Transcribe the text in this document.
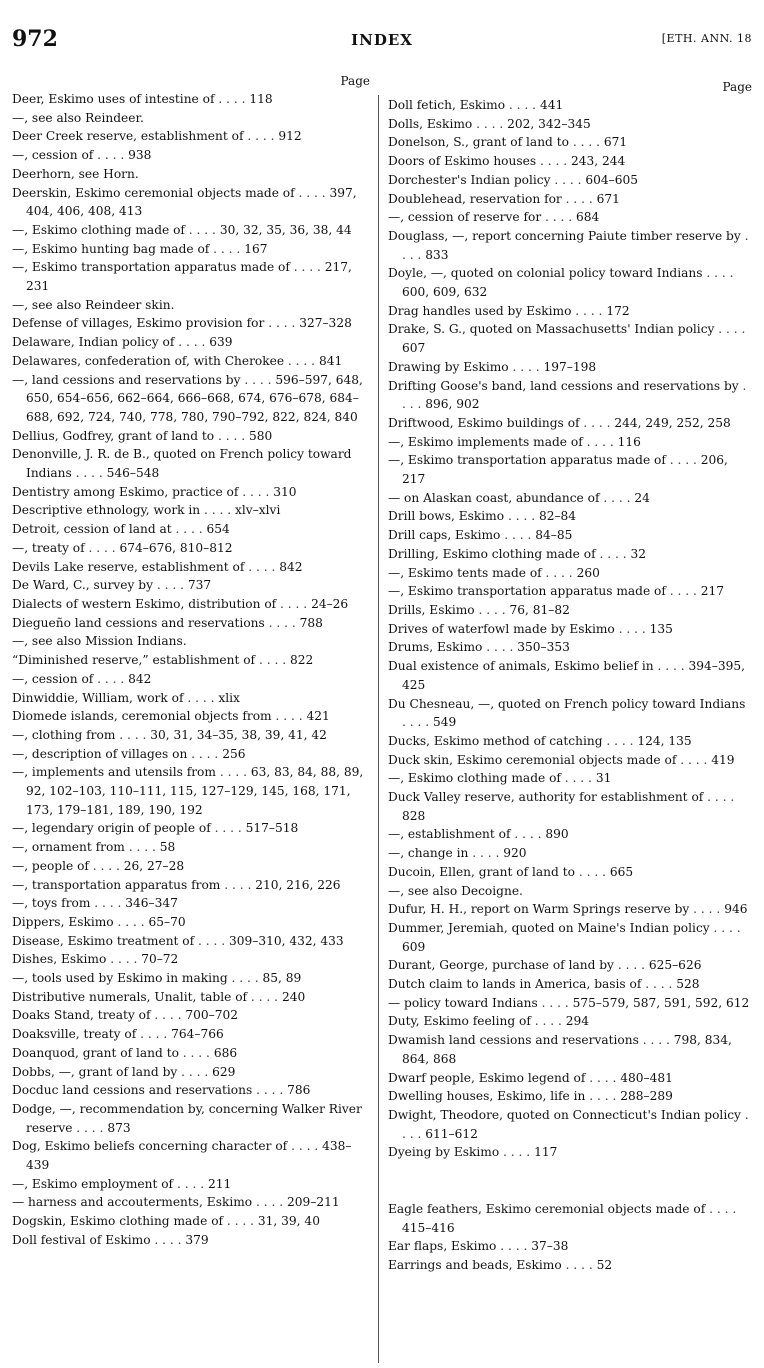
972	INDEX	[ETH. ANN. 18
Page
Deer, Eskimo uses of intestine of . . . . 118
—, see also Reindeer.
Deer Creek reserve, establishment of . . . . 912
—, cession of . . . . 938
Deerhorn, see Horn.
Deerskin, Eskimo ceremonial objects made of . . . . 397, 404, 406, 408, 413
—, Eskimo clothing made of . . . . 30, 32, 35, 36, 38, 44
—, Eskimo hunting bag made of . . . . 167
—, Eskimo transportation apparatus made of . . . . 217, 231
—, see also Reindeer skin.
Defense of villages, Eskimo provision for . . . . 327–328
Delaware, Indian policy of . . . . 639
Delawares, confederation of, with Cherokee . . . . 841
—, land cessions and reservations by . . . . 596–597, 648, 650, 654–656, 662–664, 666–668, 674, 676–678, 684–688, 692, 724, 740, 778, 780, 790–792, 822, 824, 840
Dellius, Godfrey, grant of land to . . . . 580
Denonville, J. R. de B., quoted on French policy toward Indians . . . . 546–548
Dentistry among Eskimo, practice of . . . . 310
Descriptive ethnology, work in . . . . xlv–xlvi
Detroit, cession of land at . . . . 654
—, treaty of . . . . 674–676, 810–812
Devils Lake reserve, establishment of . . . . 842
De Ward, C., survey by . . . . 737
Dialects of western Eskimo, distribution of . . . . 24–26
Diegueño land cessions and reservations . . . . 788
—, see also Mission Indians.
“Diminished reserve,” establishment of . . . . 822
—, cession of . . . . 842
Dinwiddie, William, work of . . . . xlix
Diomede islands, ceremonial objects from . . . . 421
—, clothing from . . . . 30, 31, 34–35, 38, 39, 41, 42
—, description of villages on . . . . 256
—, implements and utensils from . . . . 63, 83, 84, 88, 89, 92, 102–103, 110–111, 115, 127–129, 145, 168, 171, 173, 179–181, 189, 190, 192
—, legendary origin of people of . . . . 517–518
—, ornament from . . . . 58
—, people of . . . . 26, 27–28
—, transportation apparatus from . . . . 210, 216, 226
—, toys from . . . . 346–347
Dippers, Eskimo . . . . 65–70
Disease, Eskimo treatment of . . . . 309–310, 432, 433
Dishes, Eskimo . . . . 70–72
—, tools used by Eskimo in making . . . . 85, 89
Distributive numerals, Unalit, table of . . . . 240
Doaks Stand, treaty of . . . . 700–702
Doaksville, treaty of . . . . 764–766
Doanquod, grant of land to . . . . 686
Dobbs, —, grant of land by . . . . 629
Docduc land cessions and reservations . . . . 786
Dodge, —, recommendation by, concerning Walker River reserve . . . . 873
Dog, Eskimo beliefs concerning character of . . . . 438–439
—, Eskimo employment of . . . . 211
— harness and accouterments, Eskimo . . . . 209–211
Dogskin, Eskimo clothing made of . . . . 31, 39, 40
Doll festival of Eskimo . . . . 379
Page
Doll fetich, Eskimo . . . . 441
Dolls, Eskimo . . . . 202, 342–345
Donelson, S., grant of land to . . . . 671
Doors of Eskimo houses . . . . 243, 244
Dorchester's Indian policy . . . . 604–605
Doublehead, reservation for . . . . 671
—, cession of reserve for . . . . 684
Douglass, —, report concerning Paiute timber reserve by . . . . 833
Doyle, —, quoted on colonial policy toward Indians . . . . 600, 609, 632
Drag handles used by Eskimo . . . . 172
Drake, S. G., quoted on Massachusetts' Indian policy . . . . 607
Drawing by Eskimo . . . . 197–198
Drifting Goose's band, land cessions and reservations by . . . . 896, 902
Driftwood, Eskimo buildings of . . . . 244, 249, 252, 258
—, Eskimo implements made of . . . . 116
—, Eskimo transportation apparatus made of . . . . 206, 217
— on Alaskan coast, abundance of . . . . 24
Drill bows, Eskimo . . . . 82–84
Drill caps, Eskimo . . . . 84–85
Drilling, Eskimo clothing made of . . . . 32
—, Eskimo tents made of . . . . 260
—, Eskimo transportation apparatus made of . . . . 217
Drills, Eskimo . . . . 76, 81–82
Drives of waterfowl made by Eskimo . . . . 135
Drums, Eskimo . . . . 350–353
Dual existence of animals, Eskimo belief in . . . . 394–395, 425
Du Chesneau, —, quoted on French policy toward Indians . . . . 549
Ducks, Eskimo method of catching . . . . 124, 135
Duck skin, Eskimo ceremonial objects made of . . . . 419
—, Eskimo clothing made of . . . . 31
Duck Valley reserve, authority for establishment of . . . . 828
—, establishment of . . . . 890
—, change in . . . . 920
Ducoin, Ellen, grant of land to . . . . 665
—, see also Decoigne.
Dufur, H. H., report on Warm Springs reserve by . . . . 946
Dummer, Jeremiah, quoted on Maine's Indian policy . . . . 609
Durant, George, purchase of land by . . . . 625–626
Dutch claim to lands in America, basis of . . . . 528
— policy toward Indians . . . . 575–579, 587, 591, 592, 612
Duty, Eskimo feeling of . . . . 294
Dwamish land cessions and reservations . . . . 798, 834, 864, 868
Dwarf people, Eskimo legend of . . . . 480–481
Dwelling houses, Eskimo, life in . . . . 288–289
Dwight, Theodore, quoted on Connecticut's Indian policy . . . . 611–612
Dyeing by Eskimo . . . . 117
Eagle feathers, Eskimo ceremonial objects made of . . . . 415–416
Ear flaps, Eskimo . . . . 37–38
Earrings and beads, Eskimo . . . . 52
